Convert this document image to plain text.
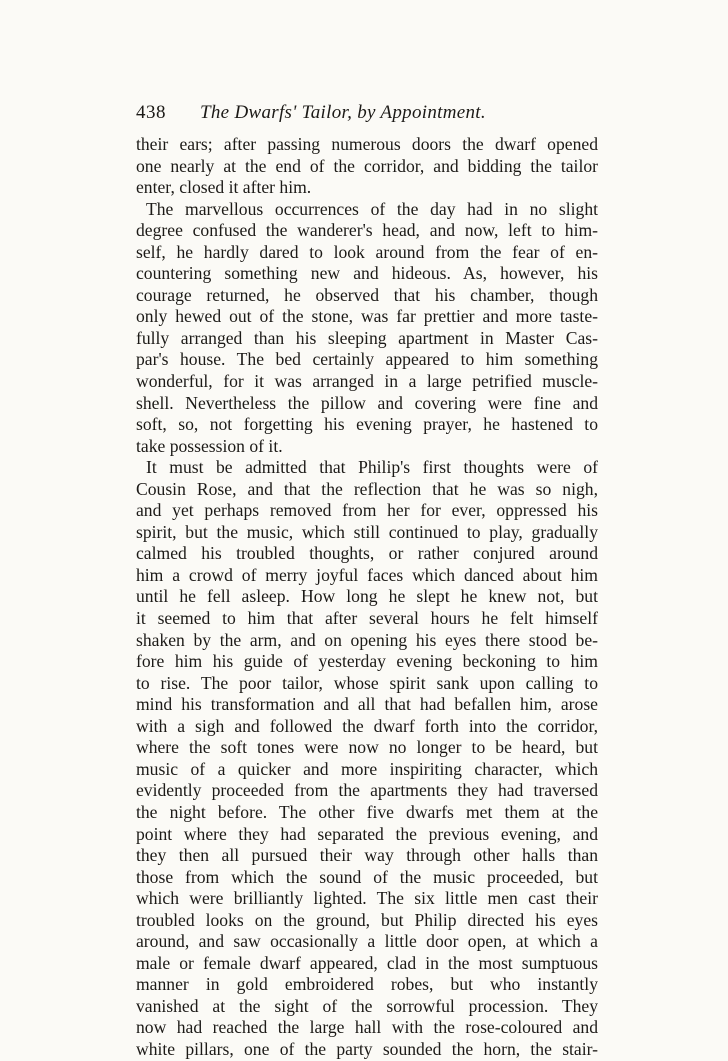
438 The Dwarfs' Tailor, by Appointment.
their ears; after passing numerous doors the dwarf opened
one nearly at the end of the corridor, and bidding the tailor
enter, closed it after him.
The marvellous occurrences of the day had in no slight
degree confused the wanderer's head, and now, left to him-
self, he hardly dared to look around from the fear of en-
countering something new and hideous. As, however, his
courage returned, he observed that his chamber, though
only hewed out of the stone, was far prettier and more taste-
fully arranged than his sleeping apartment in Master Cas-
par's house. The bed certainly appeared to him something
wonderful, for it was arranged in a large petrified muscle-
shell. Nevertheless the pillow and covering were fine and
soft, so, not forgetting his evening prayer, he hastened to
take possession of it.
It must be admitted that Philip's first thoughts were of
Cousin Rose, and that the reflection that he was so nigh,
and yet perhaps removed from her for ever, oppressed his
spirit, but the music, which still continued to play, gradually
calmed his troubled thoughts, or rather conjured around
him a crowd of merry joyful faces which danced about him
until he fell asleep. How long he slept he knew not, but
it seemed to him that after several hours he felt himself
shaken by the arm, and on opening his eyes there stood be-
fore him his guide of yesterday evening beckoning to him
to rise. The poor tailor, whose spirit sank upon calling to
mind his transformation and all that had befallen him, arose
with a sigh and followed the dwarf forth into the corridor,
where the soft tones were now no longer to be heard, but
music of a quicker and more inspiriting character, which
evidently proceeded from the apartments they had traversed
the night before. The other five dwarfs met them at the
point where they had separated the previous evening, and
they then all pursued their way through other halls than
those from which the sound of the music proceeded, but
which were brilliantly lighted. The six little men cast their
troubled looks on the ground, but Philip directed his eyes
around, and saw occasionally a little door open, at which a
male or female dwarf appeared, clad in the most sumptuous
manner in gold embroidered robes, but who instantly
vanished at the sight of the sorrowful procession. They
now had reached the large hall with the rose-coloured and
white pillars, one of the party sounded the horn, the stair-
